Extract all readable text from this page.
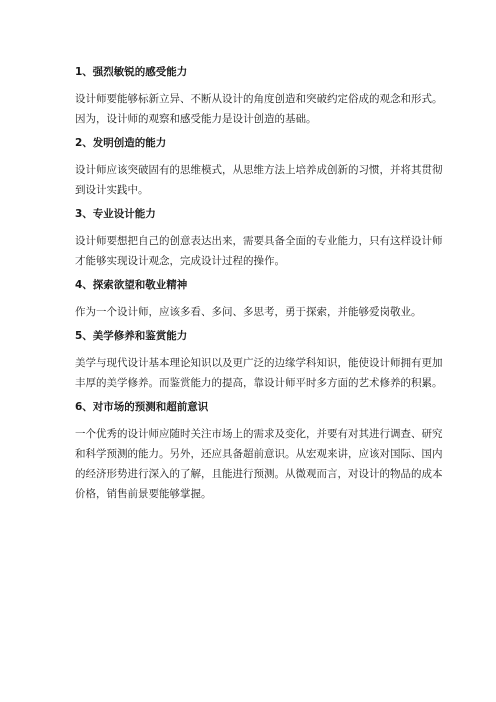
1、强烈敏锐的感受能力
设计师要能够标新立异、不断从设计的角度创造和突破约定俗成的观念和形式。
因为，设计师的观察和感受能力是设计创造的基础。
2、发明创造的能力
设计师应该突破固有的思维模式，从思维方法上培养成创新的习惯，并将其贯彻
到设计实践中。
3、专业设计能力
设计师要想把自己的创意表达出来，需要具备全面的专业能力，只有这样设计师
才能够实现设计观念，完成设计过程的操作。
4、探索欲望和敬业精神
作为一个设计师，应该多看、多问、多思考，勇于探索，并能够爱岗敬业。
5、美学修养和鉴赏能力
美学与现代设计基本理论知识以及更广泛的边缘学科知识，能使设计师拥有更加
丰厚的美学修养。而鉴赏能力的提高，靠设计师平时多方面的艺术修养的积累。
6、对市场的预测和超前意识
一个优秀的设计师应随时关注市场上的需求及变化，并要有对其进行调查、研究
和科学预测的能力。另外，还应具备超前意识。从宏观来讲，应该对国际、国内
的经济形势进行深入的了解，且能进行预测。从微观而言，对设计的物品的成本
价格，销售前景要能够掌握。
